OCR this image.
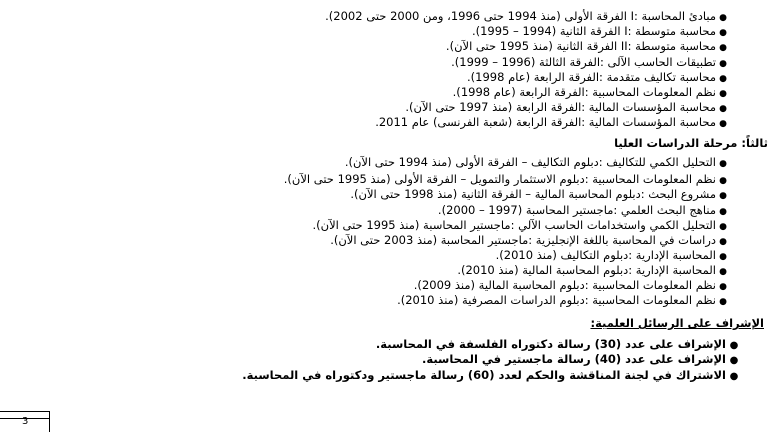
●مبادئ المحاسبة :I الفرقة الأولى (منذ 1994 حتى 1996، ومن 2000 حتى 2002).
●محاسبة متوسطة :I الفرقة الثانية (1994 – 1995).
●محاسبة متوسطة :II الفرقة الثانية (منذ 1995 حتى الآن).
●تطبيقات الحاسب الآلى :الفرقة الثالثة (1996 – 1999).
●محاسبة تكاليف متقدمة :الفرقة الرابعة (عام 1998).
●نظم المعلومات المحاسبية :الفرقة الرابعة (عام 1998).
●محاسبة المؤسسات المالية :الفرقة الرابعة (منذ 1997 حتى الآن).
●محاسبة المؤسسات المالية :الفرقة الرابعة (شعبة الفرنسى) عام 2011.
ثالثاً: مرحلة الدراسات العليا
●التحليل الكمي للتكاليف :دبلوم التكاليف – الفرقة الأولى (منذ 1994 حتى الآن).
●نظم المعلومات المحاسبية :دبلوم الاستثمار والتمويل – الفرقة الأولى (منذ 1995 حتى الآن).
●مشروع البحث :دبلوم المحاسبة المالية – الفرقة الثانية (منذ 1998 حتى الآن).
●مناهج البحث العلمي :ماجستير المحاسبة (1997 – 2000).
●التحليل الكمي واستخدامات الحاسب الآلي :ماجستير المحاسبة (منذ 1995 حتى الآن).
●دراسات في المحاسبة باللغة الإنجليزية :ماجستير المحاسبة (منذ 2003 حتى الآن).
●المحاسبة الإدارية :دبلوم التكاليف (منذ 2010).
●المحاسبة الإدارية :دبلوم المحاسبة المالية (منذ 2010).
●نظم المعلومات المحاسبية :دبلوم المحاسبة المالية (منذ 2009).
●نظم المعلومات المحاسبية :دبلوم الدراسات المصرفية (منذ 2010).
الإشراف على الرسائل العلمية:
●الإشراف على عدد (30) رسالة دكتوراه الفلسفة في المحاسبة.
●الإشراف على عدد (40) رسالة ماجستير في المحاسبة.
●الاشتراك في لجنة المناقشة والحكم لعدد (60) رسالة ماجستير ودكتوراه في المحاسبة.
3
